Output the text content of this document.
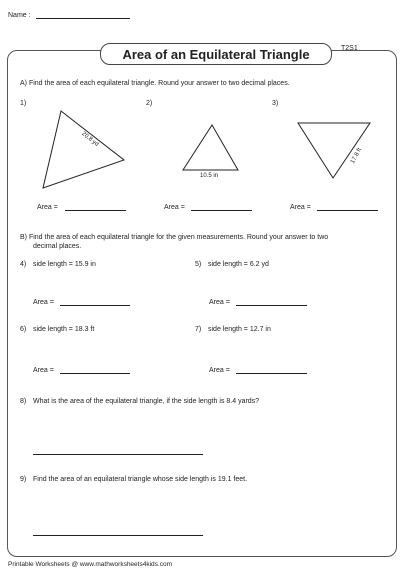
Name :
Area of an Equilateral Triangle	T2S1
A) Find the area of each equilateral triangle. Round your answer to two decimal places.
1)	2)	3)
20.8 yd
10.5 in
17.8 ft
Area =	Area =	Area =
B) Find the area of each equilateral triangle for the given measurements. Round your answer to two
decimal places.
4) side length = 15.9 in	5) side length = 6.2 yd
Area =	Area =
6) side length = 18.3 ft	7) side length = 12.7 in
Area =	Area =
8) What is the area of the equilateral triangle, if the side length is 8.4 yards?
9) Find the area of an equilateral triangle whose side length is 19.1 feet.
Printable Worksheets @ www.mathworksheets4kids.com
